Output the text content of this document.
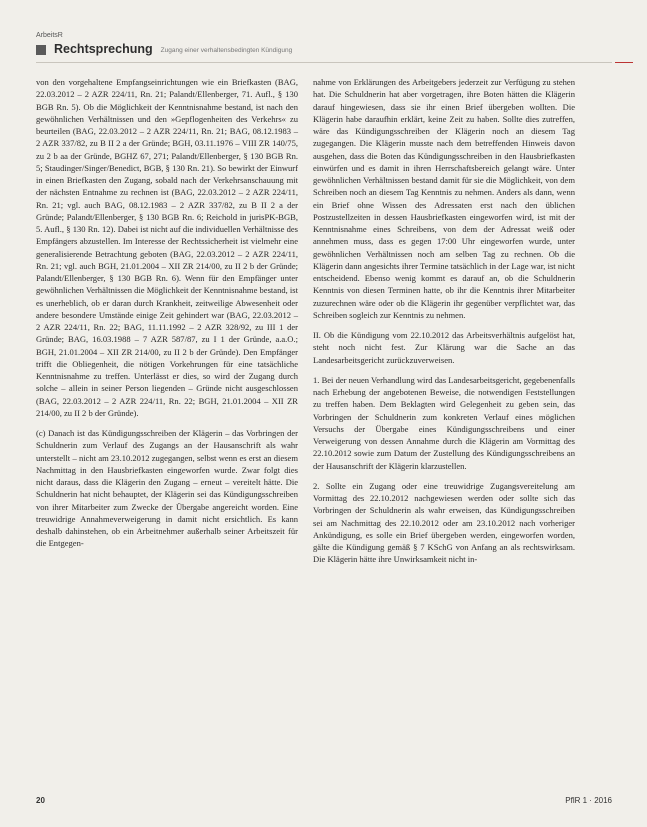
ArbeitsR
Rechtsprechung Zugang einer verhaltensbedingten Kündigung

von den vorgehaltene Empfangseinrichtungen wie ein Briefkasten (BAG, 22.03.2012 – 2 AZR 224/11, Rn. 21; Palandt/Ellenberger, 71. Aufl., § 130 BGB Rn. 5). Ob die Möglichkeit der Kenntnisnahme bestand, ist nach den gewöhnlichen Verhältnissen und den »Gepflogenheiten des Verkehrs« zu beurteilen (BAG, 22.03.2012 – 2 AZR 224/11, Rn. 21; BAG, 08.12.1983 – 2 AZR 337/82, zu B II 2 a der Gründe; BGH, 03.11.1976 – VIII ZR 140/75, zu 2 b aa der Gründe, BGHZ 67, 271; Palandt/Ellenberger, § 130 BGB Rn. 5; Staudinger/Singer/Benedict, BGB, § 130 Rn. 21). So bewirkt der Einwurf in einen Briefkasten den Zugang, sobald nach der Verkehrsanschauung mit der nächsten Entnahme zu rechnen ist (BAG, 22.03.2012 – 2 AZR 224/11, Rn. 21; vgl. auch BAG, 08.12.1983 – 2 AZR 337/82, zu B II 2 a der Gründe; Palandt/Ellenberger, § 130 BGB Rn. 6; Reichold in jurisPK-BGB, 5. Aufl., § 130 Rn. 12). Dabei ist nicht auf die individuellen Verhältnisse des Empfängers abzustellen. Im Interesse der Rechtssicherheit ist vielmehr eine generalisierende Betrachtung geboten (BAG, 22.03.2012 – 2 AZR 224/11, Rn. 21; vgl. auch BGH, 21.01.2004 – XII ZR 214/00, zu II 2 b der Gründe; Palandt/Ellenberger, § 130 BGB Rn. 6). Wenn für den Empfänger unter gewöhnlichen Verhältnissen die Möglichkeit der Kenntnisnahme bestand, ist es unerheblich, ob er daran durch Krankheit, zeitweilige Abwesenheit oder andere besondere Umstände einige Zeit gehindert war (BAG, 22.03.2012 – 2 AZR 224/11, Rn. 22; BAG, 11.11.1992 – 2 AZR 328/92, zu III 1 der Gründe; BAG, 16.03.1988 – 7 AZR 587/87, zu I 1 der Gründe, a.a.O.; BGH, 21.01.2004 – XII ZR 214/00, zu II 2 b der Gründe). Den Empfänger trifft die Obliegenheit, die nötigen Vorkehrungen für eine tatsächliche Kenntnisnahme zu treffen. Unterlässt er dies, so wird der Zugang durch solche – allein in seiner Person liegenden – Gründe nicht ausgeschlossen (BAG, 22.03.2012 – 2 AZR 224/11, Rn. 22; BGH, 21.01.2004 – XII ZR 214/00, zu II 2 b der Gründe).

(c) Danach ist das Kündigungsschreiben der Klägerin – das Vorbringen der Schuldnerin zum Verlauf des Zugangs an der Hausanschrift als wahr unterstellt – nicht am 23.10.2012 zugegangen, selbst wenn es erst an diesem Nachmittag in den Hausbriefkasten eingeworfen wurde. Zwar folgt dies nicht daraus, dass die Klägerin den Zugang – erneut – vereitelt hätte. Die Schuldnerin hat nicht behauptet, der Klägerin sei das Kündigungsschreiben von ihrer Mitarbeiter zum Zwecke der Übergabe angereicht worden. Eine treuwidrige Annahmeverweigerung in damit nicht ersichtlich. Es kann deshalb dahinstehen, ob ein Arbeitnehmer außerhalb seiner Arbeitszeit für die Entgegen-

nahme von Erklärungen des Arbeitgebers jederzeit zur Verfügung zu stehen hat. Die Schuldnerin hat aber vorgetragen, ihre Boten hätten die Klägerin darauf hingewiesen, dass sie ihr einen Brief übergeben wollten. Die Klägerin habe daraufhin erklärt, keine Zeit zu haben. Sollte dies zutreffen, wäre das Kündigungsschreiben der Klägerin noch an diesem Tag zugegangen. Die Klägerin musste nach dem betreffenden Hinweis davon ausgehen, dass die Boten das Kündigungsschreiben in den Hausbriefkasten einwürfen und es damit in ihren Herrschaftsbereich gelangt wäre. Unter gewöhnlichen Verhältnissen bestand damit für sie die Möglichkeit, von dem Schreiben noch an diesem Tag Kenntnis zu nehmen. Anders als dann, wenn ein Brief ohne Wissen des Adressaten erst nach den üblichen Postzustellzeiten in dessen Hausbriefkasten eingeworfen wird, ist mit der Kenntnisnahme eines Schreibens, von dem der Adressat weiß oder annehmen muss, dass es gegen 17:00 Uhr eingeworfen wurde, unter gewöhnlichen Verhältnissen noch am selben Tag zu rechnen. Ob die Klägerin dann angesichts ihrer Termine tatsächlich in der Lage war, ist nicht entscheidend. Ebenso wenig kommt es darauf an, ob die Schuldnerin Kenntnis von diesen Terminen hatte, ob ihr die Kenntnis ihrer Mitarbeiter zuzurechnen wäre oder ob die Klägerin ihr gegenüber verpflichtet war, das Schreiben sogleich zur Kenntnis zu nehmen.

II. Ob die Kündigung vom 22.10.2012 das Arbeitsverhältnis aufgelöst hat, steht noch nicht fest. Zur Klärung war die Sache an das Landesarbeitsgericht zurückzuverweisen.

1. Bei der neuen Verhandlung wird das Landesarbeitsgericht, gegebenenfalls nach Erhebung der angebotenen Beweise, die notwendigen Feststellungen zu treffen haben. Dem Beklagten wird Gelegenheit zu geben sein, das Vorbringen der Schuldnerin zum konkreten Verlauf eines möglichen Versuchs der Übergabe eines Kündigungsschreibens und einer Verweigerung von dessen Annahme durch die Klägerin am Vormittag des 22.10.2012 sowie zum Datum der Zustellung des Kündigungsschreibens an der Hausanschrift der Klägerin klarzustellen.

2. Sollte ein Zugang oder eine treuwidrige Zugangsvereitelung am Vormittag des 22.10.2012 nachgewiesen werden oder sollte sich das Vorbringen der Schuldnerin als wahr erweisen, das Kündigungsschreiben sei am Nachmittag des 22.10.2012 oder am 23.10.2012 nach vorheriger Ankündigung, es solle ein Brief übergeben werden, eingeworfen worden, gälte die Kündigung gemäß § 7 KSchG von Anfang an als rechtswirksam. Die Klägerin hätte ihre Unwirksamkeit nicht in-

20	PflR 1 · 2016
